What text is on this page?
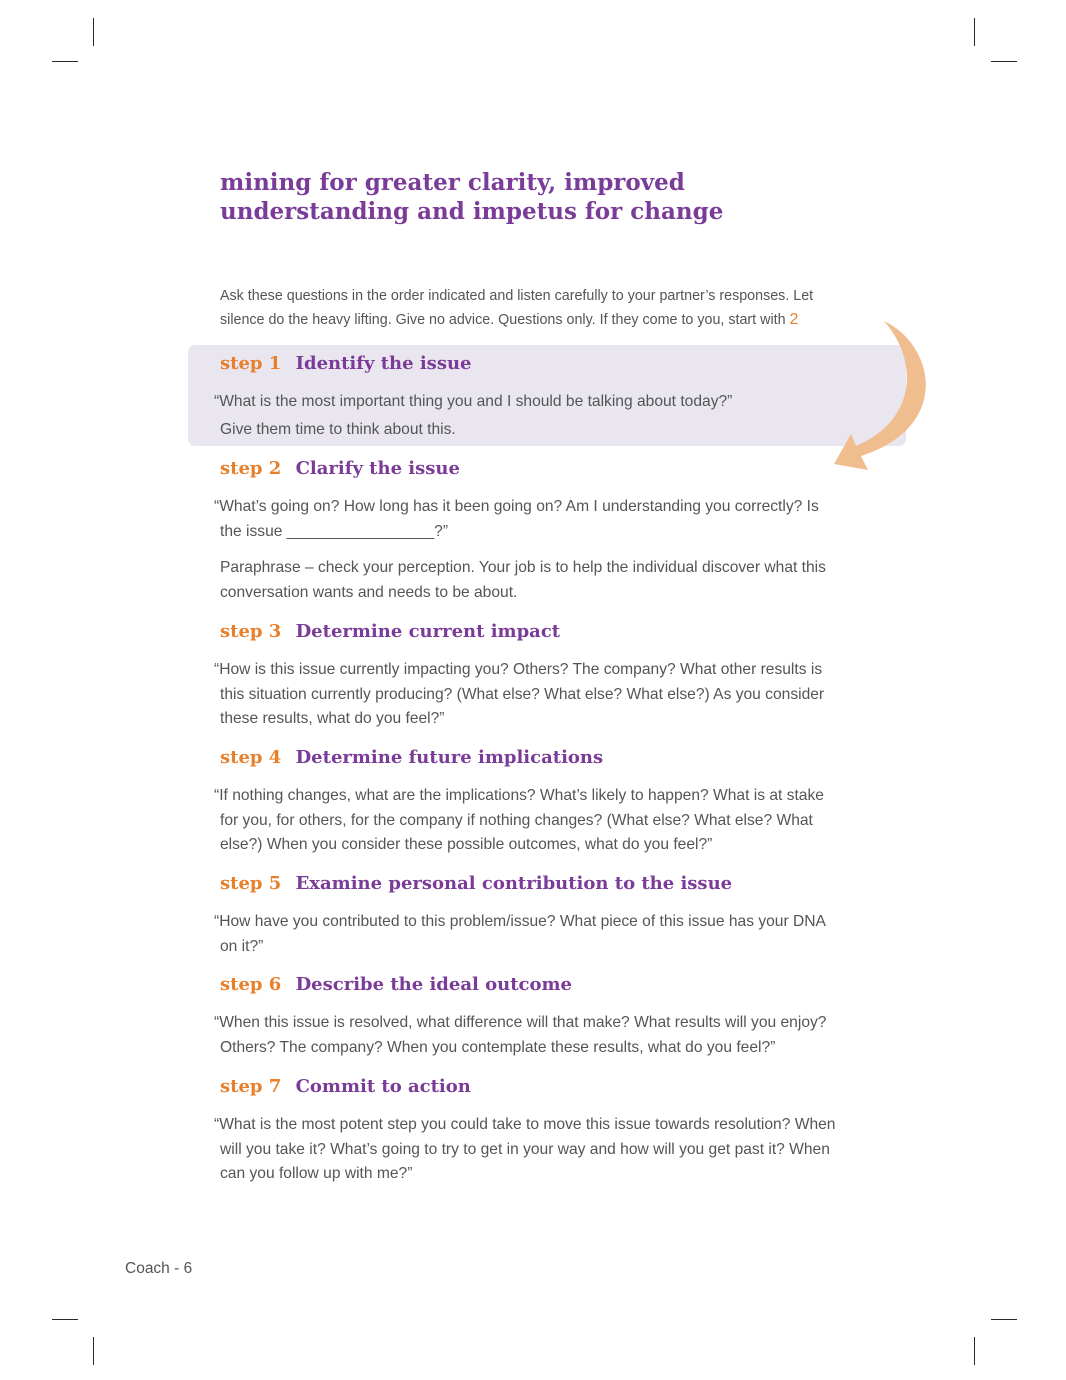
mining for greater clarity, improved
understanding and impetus for change

Ask these questions in the order indicated and listen carefully to your partner’s responses. Let
silence do the heavy lifting. Give no advice. Questions only. If they come to you, start with 2

step 1 Identify the issue

“What is the most important thing you and I should be talking about today?”

Give them time to think about this.

step 2 Clarify the issue

“What’s going on? How long has it been going on? Am I understanding you correctly? Is
the issue _________________?”

Paraphrase – check your perception. Your job is to help the individual discover what this
conversation wants and needs to be about.

step 3 Determine current impact

“How is this issue currently impacting you? Others? The company? What other results is
this situation currently producing? (What else? What else? What else?) As you consider
these results, what do you feel?”

step 4 Determine future implications

“If nothing changes, what are the implications? What’s likely to happen? What is at stake
for you, for others, for the company if nothing changes? (What else? What else? What
else?) When you consider these possible outcomes, what do you feel?”

step 5 Examine personal contribution to the issue

“How have you contributed to this problem/issue? What piece of this issue has your DNA
on it?”

step 6 Describe the ideal outcome

“When this issue is resolved, what difference will that make? What results will you enjoy?
Others? The company? When you contemplate these results, what do you feel?”

step 7 Commit to action

“What is the most potent step you could take to move this issue towards resolution? When
will you take it? What’s going to try to get in your way and how will you get past it? When
can you follow up with me?”

Coach - 6
